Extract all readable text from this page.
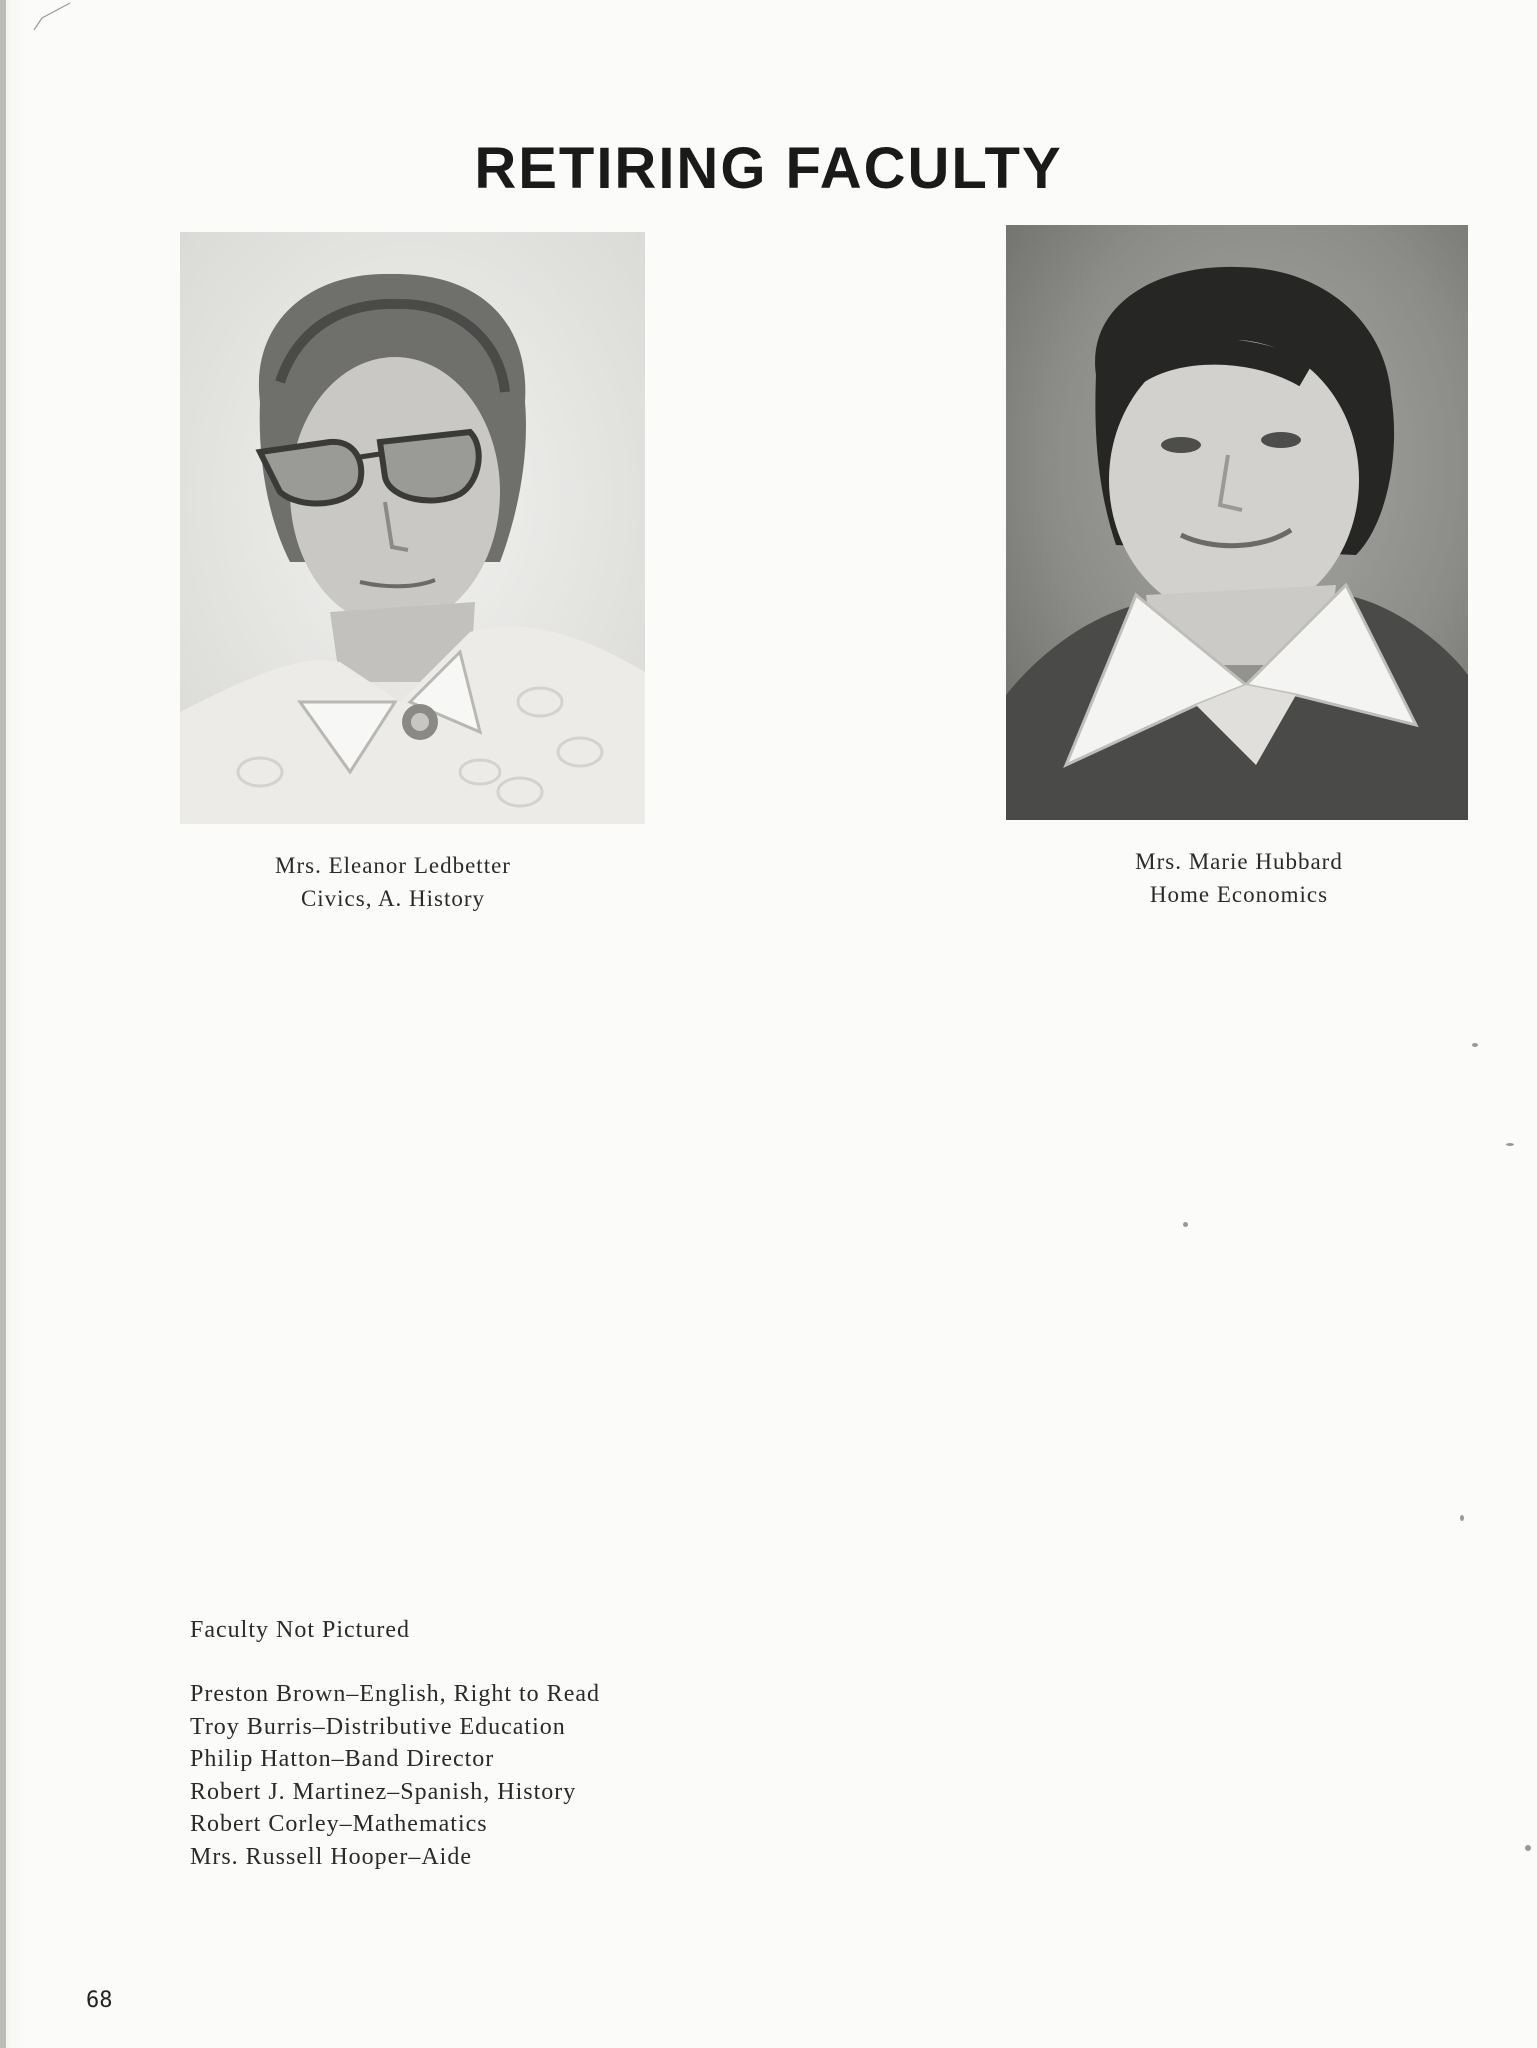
RETIRING FACULTY
Mrs. Eleanor Ledbetter
Civics, A. History
Mrs. Marie Hubbard
Home Economics
Faculty Not Pictured
Preston Brown–English, Right to Read
Troy Burris–Distributive Education
Philip Hatton–Band Director
Robert J. Martinez–Spanish, History
Robert Corley–Mathematics
Mrs. Russell Hooper–Aide
68
